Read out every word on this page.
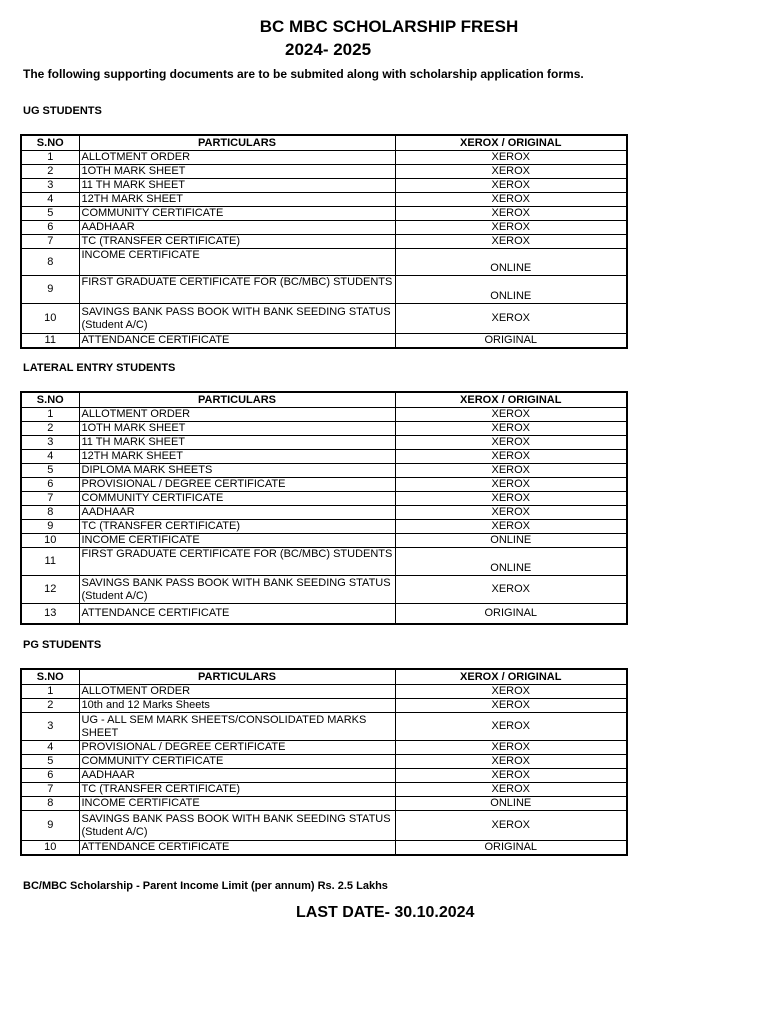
BC MBC SCHOLARSHIP FRESH
2024- 2025
The following supporting documents are to be submited along with scholarship application forms.
UG STUDENTS
S.NO	PARTICULARS	XEROX / ORIGINAL
1	ALLOTMENT ORDER	XEROX
2	1OTH MARK SHEET	XEROX
3	11 TH MARK SHEET	XEROX
4	12TH MARK SHEET	XEROX
5	COMMUNITY CERTIFICATE	XEROX
6	AADHAAR	XEROX
7	TC (TRANSFER CERTIFICATE)	XEROX
8	INCOME CERTIFICATE	ONLINE
9	FIRST GRADUATE CERTIFICATE FOR (BC/MBC) STUDENTS	ONLINE
10	SAVINGS BANK PASS BOOK WITH BANK SEEDING STATUS (Student A/C)	XEROX
11	ATTENDANCE CERTIFICATE	ORIGINAL
LATERAL ENTRY STUDENTS
S.NO	PARTICULARS	XEROX / ORIGINAL
1	ALLOTMENT ORDER	XEROX
2	1OTH MARK SHEET	XEROX
3	11 TH MARK SHEET	XEROX
4	12TH MARK SHEET	XEROX
5	DIPLOMA MARK SHEETS	XEROX
6	PROVISIONAL / DEGREE CERTIFICATE	XEROX
7	COMMUNITY CERTIFICATE	XEROX
8	AADHAAR	XEROX
9	TC (TRANSFER CERTIFICATE)	XEROX
10	INCOME CERTIFICATE	ONLINE
11	FIRST GRADUATE CERTIFICATE FOR (BC/MBC) STUDENTS	ONLINE
12	SAVINGS BANK PASS BOOK WITH BANK SEEDING STATUS (Student A/C)	XEROX
13	ATTENDANCE CERTIFICATE	ORIGINAL
PG STUDENTS
S.NO	PARTICULARS	XEROX / ORIGINAL
1	ALLOTMENT ORDER	XEROX
2	10th and 12 Marks Sheets	XEROX
3	UG - ALL SEM MARK SHEETS/CONSOLIDATED MARKS SHEET	XEROX
4	PROVISIONAL / DEGREE CERTIFICATE	XEROX
5	COMMUNITY CERTIFICATE	XEROX
6	AADHAAR	XEROX
7	TC (TRANSFER CERTIFICATE)	XEROX
8	INCOME CERTIFICATE	ONLINE
9	SAVINGS BANK PASS BOOK WITH BANK SEEDING STATUS (Student A/C)	XEROX
10	ATTENDANCE CERTIFICATE	ORIGINAL
BC/MBC Scholarship - Parent Income Limit (per annum) Rs. 2.5 Lakhs
LAST DATE- 30.10.2024
